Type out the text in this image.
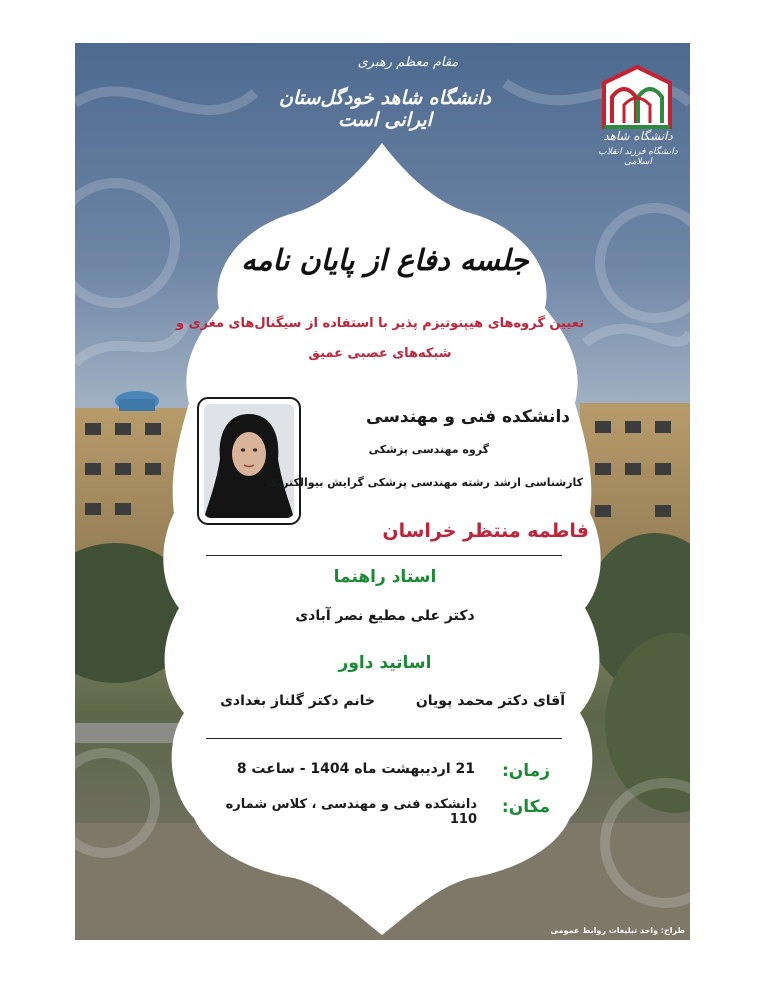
مقام معظم رهبری
دانشگاه شاهد خودگل‌ستان ایرانی است
دانشگاه شاهد
دانشگاه فرزند انقلاب اسلامی
جلسه دفاع از پایان نامه
تعیین گروه‌های هیپنوتیزم پذیر با استفاده از سیگنال‌های مغزی و شبکه‌های عصبی عمیق
دانشکده فنی و مهندسی
گروه مهندسی پزشکی
کارشناسی ارشد رشته مهندسی پزشکی گرایش بیوالکتریک
فاطمه منتظر خراسان
استاد راهنما
دکتر علی مطیع نصر آبادی
اساتید داور
آقای دکتر محمد پویان
خانم دکتر گلناز بغدادی
زمان:
21 اردیبهشت ماه 1404 - ساعت 8
مکان:
دانشکده فنی و مهندسی ، کلاس شماره 110
طراح: واحد تبلیغات روابط عمومی
